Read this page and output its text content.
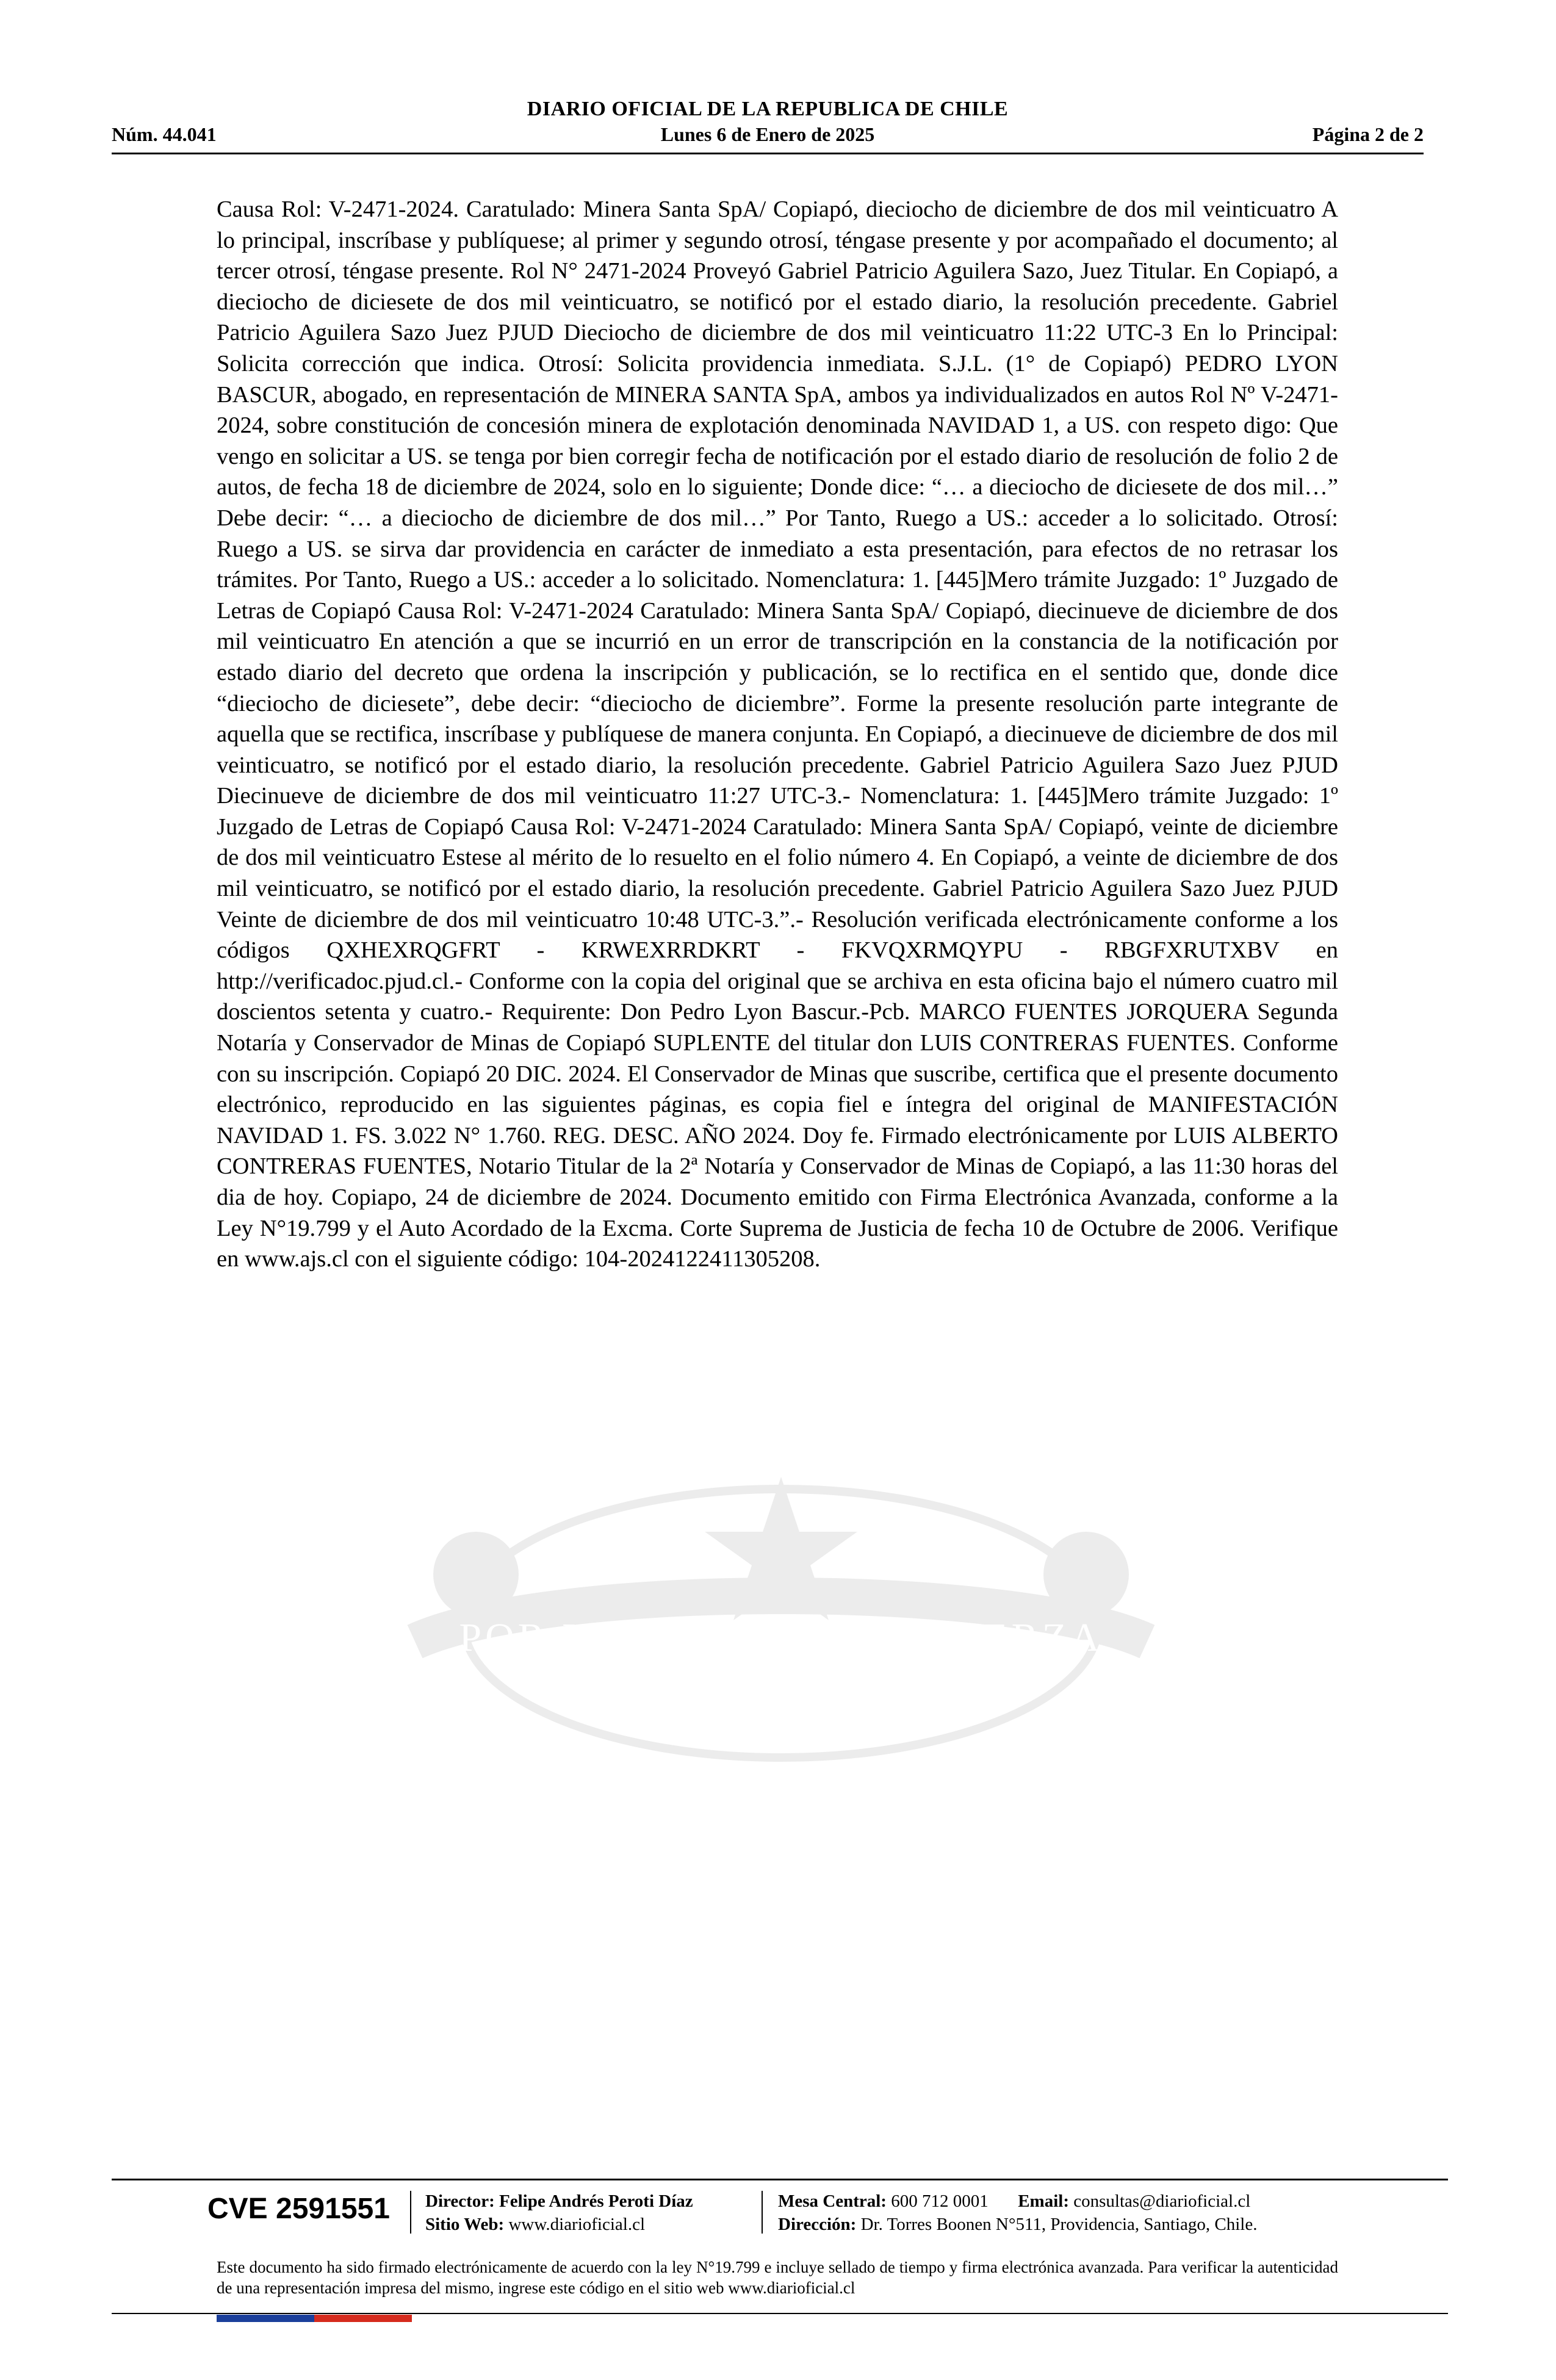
DIARIO OFICIAL DE LA REPUBLICA DE CHILE
Núm. 44.041	Lunes 6 de Enero de 2025	Página 2 de 2
POR LA RAZÓN O LA FUERZA
Causa Rol: V-2471-2024. Caratulado: Minera Santa SpA/ Copiapó, dieciocho de diciembre de dos mil veinticuatro A lo principal, inscríbase y publíquese; al primer y segundo otrosí, téngase presente y por acompañado el documento; al tercer otrosí, téngase presente. Rol N° 2471-2024 Proveyó Gabriel Patricio Aguilera Sazo, Juez Titular. En Copiapó, a dieciocho de diciesete de dos mil veinticuatro, se notificó por el estado diario, la resolución precedente. Gabriel Patricio Aguilera Sazo Juez PJUD Dieciocho de diciembre de dos mil veinticuatro 11:22 UTC-3 En lo Principal: Solicita corrección que indica. Otrosí: Solicita providencia inmediata. S.J.L. (1° de Copiapó) PEDRO LYON BASCUR, abogado, en representación de MINERA SANTA SpA, ambos ya individualizados en autos Rol Nº V-2471-2024, sobre constitución de concesión minera de explotación denominada NAVIDAD 1, a US. con respeto digo: Que vengo en solicitar a US. se tenga por bien corregir fecha de notificación por el estado diario de resolución de folio 2 de autos, de fecha 18 de diciembre de 2024, solo en lo siguiente; Donde dice: “… a dieciocho de diciesete de dos mil…” Debe decir: “… a dieciocho de diciembre de dos mil…” Por Tanto, Ruego a US.: acceder a lo solicitado. Otrosí: Ruego a US. se sirva dar providencia en carácter de inmediato a esta presentación, para efectos de no retrasar los trámites. Por Tanto, Ruego a US.: acceder a lo solicitado. Nomenclatura: 1. [445]Mero trámite Juzgado: 1º Juzgado de Letras de Copiapó Causa Rol: V-2471-2024 Caratulado: Minera Santa SpA/ Copiapó, diecinueve de diciembre de dos mil veinticuatro En atención a que se incurrió en un error de transcripción en la constancia de la notificación por estado diario del decreto que ordena la inscripción y publicación, se lo rectifica en el sentido que, donde dice “dieciocho de diciesete”, debe decir: “dieciocho de diciembre”. Forme la presente resolución parte integrante de aquella que se rectifica, inscríbase y publíquese de manera conjunta. En Copiapó, a diecinueve de diciembre de dos mil veinticuatro, se notificó por el estado diario, la resolución precedente. Gabriel Patricio Aguilera Sazo Juez PJUD Diecinueve de diciembre de dos mil veinticuatro 11:27 UTC-3.- Nomenclatura: 1. [445]Mero trámite Juzgado: 1º Juzgado de Letras de Copiapó Causa Rol: V-2471-2024 Caratulado: Minera Santa SpA/ Copiapó, veinte de diciembre de dos mil veinticuatro Estese al mérito de lo resuelto en el folio número 4. En Copiapó, a veinte de diciembre de dos mil veinticuatro, se notificó por el estado diario, la resolución precedente. Gabriel Patricio Aguilera Sazo Juez PJUD Veinte de diciembre de dos mil veinticuatro 10:48 UTC-3.”.- Resolución verificada electrónicamente conforme a los códigos QXHEXRQGFRT - KRWEXRRDKRT - FKVQXRMQYPU - RBGFXRUTXBV en http://verificadoc.pjud.cl.- Conforme con la copia del original que se archiva en esta oficina bajo el número cuatro mil doscientos setenta y cuatro.- Requirente: Don Pedro Lyon Bascur.-Pcb. MARCO FUENTES JORQUERA Segunda Notaría y Conservador de Minas de Copiapó SUPLENTE del titular don LUIS CONTRERAS FUENTES. Conforme con su inscripción. Copiapó 20 DIC. 2024. El Conservador de Minas que suscribe, certifica que el presente documento electrónico, reproducido en las siguientes páginas, es copia fiel e íntegra del original de MANIFESTACIÓN NAVIDAD 1. FS. 3.022 N° 1.760. REG. DESC. AÑO 2024. Doy fe. Firmado electrónicamente por LUIS ALBERTO CONTRERAS FUENTES, Notario Titular de la 2ª Notaría y Conservador de Minas de Copiapó, a las 11:30 horas del dia de hoy. Copiapo, 24 de diciembre de 2024. Documento emitido con Firma Electrónica Avanzada, conforme a la Ley N°19.799 y el Auto Acordado de la Excma. Corte Suprema de Justicia de fecha 10 de Octubre de 2006. Verifique en www.ajs.cl con el siguiente código: 104-2024122411305208.
CVE 2591551 Director: Felipe Andrés Peroti Díaz
Sitio Web: www.diarioficial.cl
Mesa Central: 600 712 0001 Email: consultas@diarioficial.cl
Dirección: Dr. Torres Boonen N°511, Providencia, Santiago, Chile.
Este documento ha sido firmado electrónicamente de acuerdo con la ley N°19.799 e incluye sellado de tiempo y firma electrónica avanzada. Para verificar la autenticidad de una representación impresa del mismo, ingrese este código en el sitio web www.diarioficial.cl
